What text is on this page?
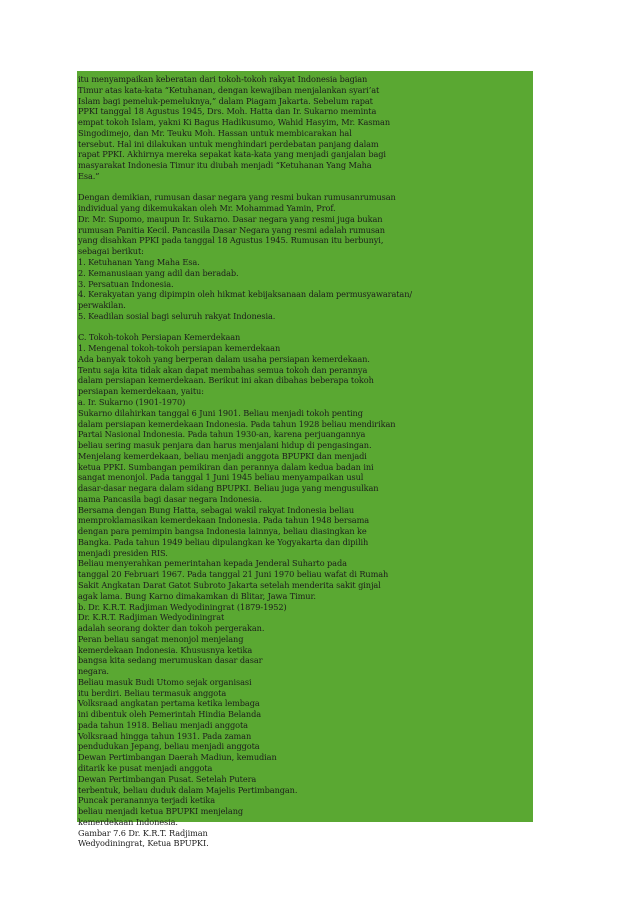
itu menyampaikan keberatan dari tokoh-tokoh rakyat Indonesia bagian
Timur atas kata-kata “Ketuhanan, dengan kewajiban menjalankan syari’at
Islam bagi pemeluk-pemeluknya,” dalam Piagam Jakarta. Sebelum rapat
PPKI tanggal 18 Agustus 1945, Drs. Moh. Hatta dan Ir. Sukarno meminta
empat tokoh Islam, yakni Ki Bagus Hadikusumo, Wahid Hasyim, Mr. Kasman
Singodimejo, dan Mr. Teuku Moh. Hassan untuk membicarakan hal
tersebut. Hal ini dilakukan untuk menghindari perdebatan panjang dalam
rapat PPKI. Akhirnya mereka sepakat kata-kata yang menjadi ganjalan bagi
masyarakat Indonesia Timur itu diubah menjadi “Ketuhanan Yang Maha
Esa.”

Dengan demikian, rumusan dasar negara yang resmi bukan rumusanrumusan
individual yang dikemukakan oleh Mr. Mohammad Yamin, Prof.
Dr. Mr. Supomo, maupun Ir. Sukarno. Dasar negara yang resmi juga bukan
rumusan Panitia Kecil. Pancasila Dasar Negara yang resmi adalah rumusan
yang disahkan PPKI pada tanggal 18 Agustus 1945. Rumusan itu berbunyi,
sebagai berikut:
1. Ketuhanan Yang Maha Esa.
2. Kemanusiaan yang adil dan beradab.
3. Persatuan Indonesia.
4. Kerakyatan yang dipimpin oleh hikmat kebijaksanaan dalam permusyawaratan/
perwakilan.
5. Keadilan sosial bagi seluruh rakyat Indonesia.

C. Tokoh-tokoh Persiapan Kemerdekaan
1. Mengenal tokoh-tokoh persiapan kemerdekaan
Ada banyak tokoh yang berperan dalam usaha persiapan kemerdekaan.
Tentu saja kita tidak akan dapat membahas semua tokoh dan perannya
dalam persiapan kemerdekaan. Berikut ini akan dibahas beberapa tokoh
persiapan kemerdekaan, yaitu:
a. Ir. Sukarno (1901-1970)
Sukarno dilahirkan tanggal 6 Juni 1901. Beliau menjadi tokoh penting
dalam persiapan kemerdekaan Indonesia. Pada tahun 1928 beliau mendirikan
Partai Nasional Indonesia. Pada tahun 1930-an, karena perjuangannya
beliau sering masuk penjara dan harus menjalani hidup di pengasingan.
Menjelang kemerdekaan, beliau menjadi anggota BPUPKI dan menjadi
ketua PPKI. Sumbangan pemikiran dan perannya dalam kedua badan ini
sangat menonjol. Pada tanggal 1 Juni 1945 beliau menyampaikan usul
dasar-dasar negara dalam sidang BPUPKI. Beliau juga yang mengusulkan
nama Pancasila bagi dasar negara Indonesia.
Bersama dengan Bung Hatta, sebagai wakil rakyat Indonesia beliau
memproklamasikan kemerdekaan Indonesia. Pada tahun 1948 bersama
dengan para pemimpin bangsa Indonesia lainnya, beliau diasingkan ke
Bangka. Pada tahun 1949 beliau dipulangkan ke Yogyakarta dan dipilih
menjadi presiden RIS.
Beliau menyerahkan pemerintahan kepada Jenderal Suharto pada
tanggal 20 Februari 1967. Pada tanggal 21 Juni 1970 beliau wafat di Rumah
Sakit Angkatan Darat Gatot Subroto Jakarta setelah menderita sakit ginjal
agak lama. Bung Karno dimakamkan di Blitar, Jawa Timur.
b. Dr. K.R.T. Radjiman Wedyodiningrat (1879-1952)
Dr. K.R.T. Radjiman Wedyodiningrat
adalah seorang dokter dan tokoh pergerakan.
Peran beliau sangat menonjol menjelang
kemerdekaan Indonesia. Khususnya ketika
bangsa kita sedang merumuskan dasar dasar
negara.
Beliau masuk Budi Utomo sejak organisasi
itu berdiri. Beliau termasuk anggota
Volksraad angkatan pertama ketika lembaga
ini dibentuk oleh Pemerintah Hindia Belanda
pada tahun 1918. Beliau menjadi anggota
Volksraad hingga tahun 1931. Pada zaman
pendudukan Jepang, beliau menjadi anggota
Dewan Pertimbangan Daerah Madiun, kemudian
ditarik ke pusat menjadi anggota
Dewan Pertimbangan Pusat. Setelah Putera
terbentuk, beliau duduk dalam Majelis Pertimbangan.
Puncak peranannya terjadi ketika
beliau menjadi ketua BPUPKI menjelang
kemerdekaan Indonesia.
Gambar 7.6 Dr. K.R.T. Radjiman
Wedyodiningrat, Ketua BPUPKI.
